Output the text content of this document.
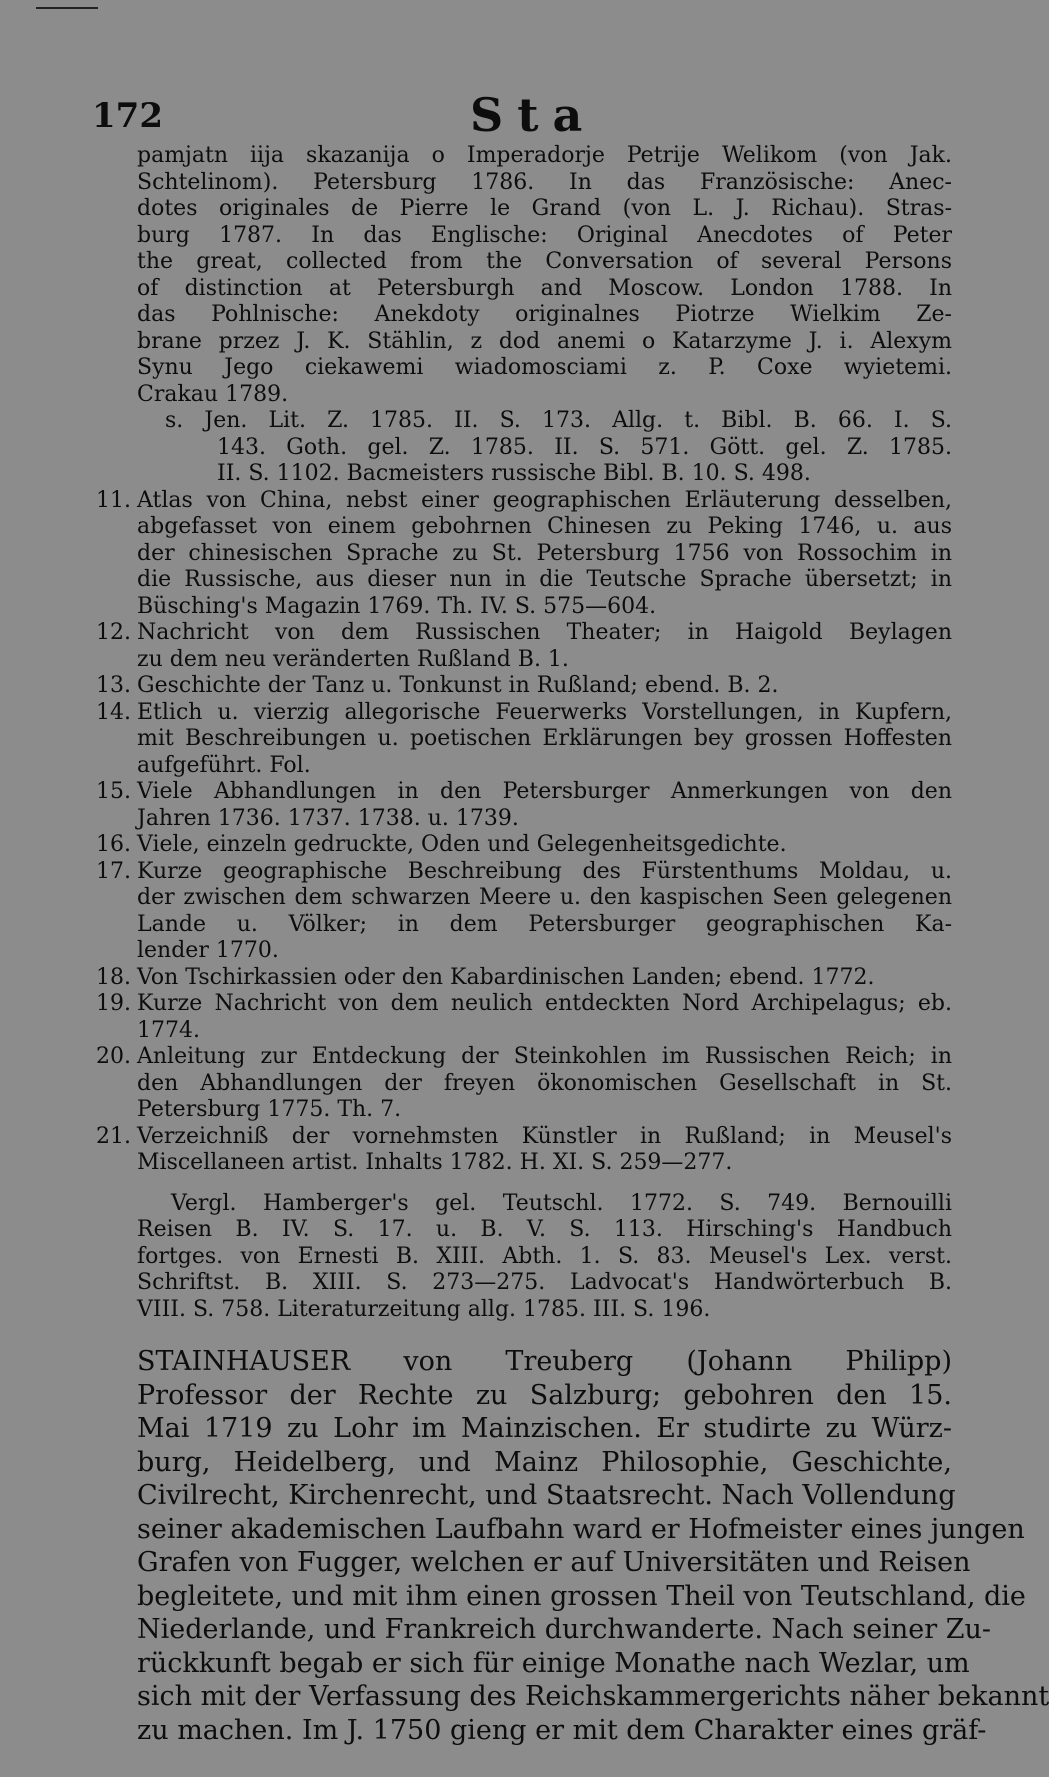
172	Sta
pamjatn iija skazanija o Imperadorje Petrije Welikom (von Jak.
Schtelinom). Petersburg 1786. In das Französische: Anec-
dotes originales de Pierre le Grand (von L. J. Richau). Stras-
burg 1787. In das Englische: Original Anecdotes of Peter
the great, collected from the Conversation of several Persons
of distinction at Petersburgh and Moscow. London 1788. In
das Pohlnische: Anekdoty originalnes Piotrze Wielkim Ze-
brane przez J. K. Stählin, z dod anemi o Katarzyme J. i. Alexym
Synu Jego ciekawemi wiadomosciami z. P. Coxe wyietemi.
Crakau 1789.
s. Jen. Lit. Z. 1785. II. S. 173. Allg. t. Bibl. B. 66. I. S.
143. Goth. gel. Z. 1785. II. S. 571. Gött. gel. Z. 1785.
II. S. 1102. Bacmeisters russische Bibl. B. 10. S. 498.
11. Atlas von China, nebst einer geographischen Erläuterung desselben,
abgefasset von einem gebohrnen Chinesen zu Peking 1746, u. aus
der chinesischen Sprache zu St. Petersburg 1756 von Rossochim in
die Russische, aus dieser nun in die Teutsche Sprache übersetzt; in
Büsching's Magazin 1769. Th. IV. S. 575—604.
12. Nachricht von dem Russischen Theater; in Haigold Beylagen
zu dem neu veränderten Rußland B. 1.
13. Geschichte der Tanz u. Tonkunst in Rußland; ebend. B. 2.
14. Etlich u. vierzig allegorische Feuerwerks Vorstellungen, in Kupfern,
mit Beschreibungen u. poetischen Erklärungen bey grossen Hoffesten
aufgeführt. Fol.
15. Viele Abhandlungen in den Petersburger Anmerkungen von den
Jahren 1736. 1737. 1738. u. 1739.
16. Viele, einzeln gedruckte, Oden und Gelegenheitsgedichte.
17. Kurze geographische Beschreibung des Fürstenthums Moldau, u.
der zwischen dem schwarzen Meere u. den kaspischen Seen gelegenen
Lande u. Völker; in dem Petersburger geographischen Ka-
lender 1770.
18. Von Tschirkassien oder den Kabardinischen Landen; ebend. 1772.
19. Kurze Nachricht von dem neulich entdeckten Nord Archipelagus; eb.
1774.
20. Anleitung zur Entdeckung der Steinkohlen im Russischen Reich; in
den Abhandlungen der freyen ökonomischen Gesellschaft in St.
Petersburg 1775. Th. 7.
21. Verzeichniß der vornehmsten Künstler in Rußland; in Meusel's
Miscellaneen artist. Inhalts 1782. H. XI. S. 259—277.
Vergl. Hamberger's gel. Teutschl. 1772. S. 749. Bernouilli
Reisen B. IV. S. 17. u. B. V. S. 113. Hirsching's Handbuch
fortges. von Ernesti B. XIII. Abth. 1. S. 83. Meusel's Lex. verst.
Schriftst. B. XIII. S. 273—275. Ladvocat's Handwörterbuch B.
VIII. S. 758. Literaturzeitung allg. 1785. III. S. 196.
STAINHAUSER von Treuberg (Johann Philipp)
Professor der Rechte zu Salzburg; gebohren den 15.
Mai 1719 zu Lohr im Mainzischen. Er studirte zu Würz-
burg, Heidelberg, und Mainz Philosophie, Geschichte,
Civilrecht, Kirchenrecht, und Staatsrecht. Nach Vollendung
seiner akademischen Laufbahn ward er Hofmeister eines jungen
Grafen von Fugger, welchen er auf Universitäten und Reisen
begleitete, und mit ihm einen grossen Theil von Teutschland, die
Niederlande, und Frankreich durchwanderte. Nach seiner Zu-
rückkunft begab er sich für einige Monathe nach Wezlar, um
sich mit der Verfassung des Reichskammergerichts näher bekannt
zu machen. Im J. 1750 gieng er mit dem Charakter eines gräf-
